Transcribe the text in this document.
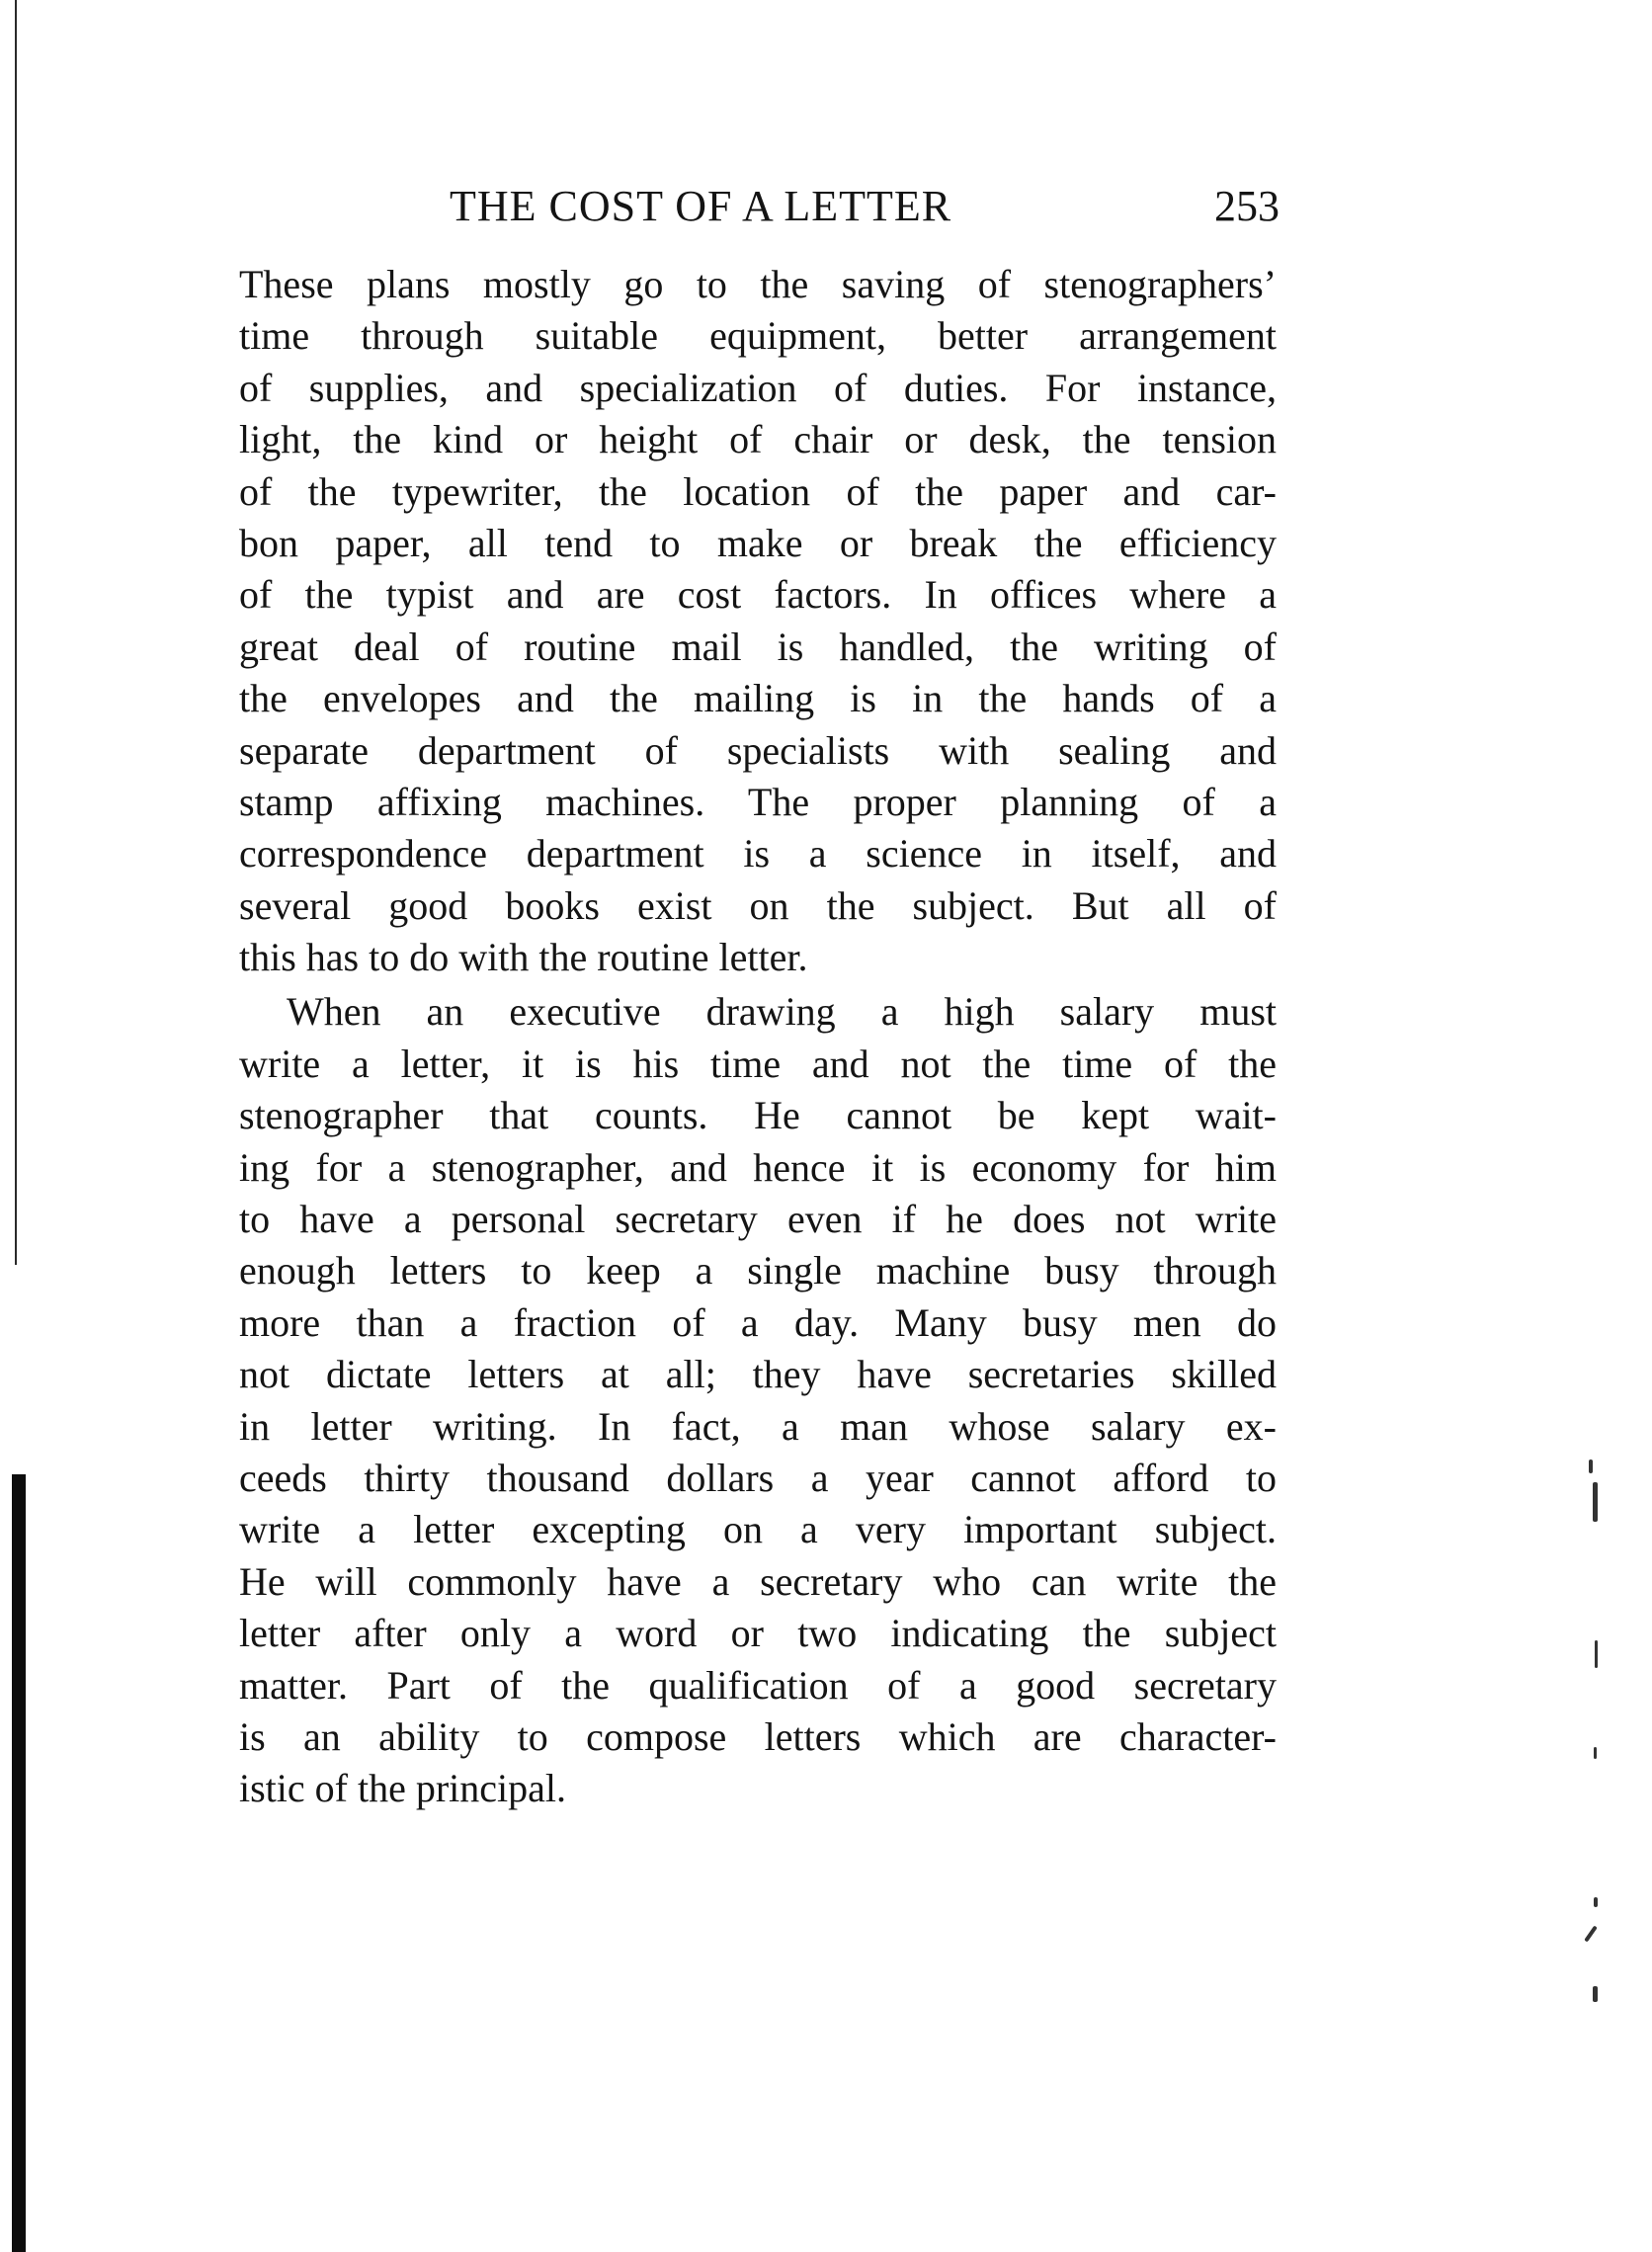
THE COST OF A LETTER	253
These plans mostly go to the saving of stenographers’
time through suitable equipment, better arrangement
of supplies, and specialization of duties. For instance,
light, the kind or height of chair or desk, the tension
of the typewriter, the location of the paper and car-
bon paper, all tend to make or break the efficiency
of the typist and are cost factors. In offices where a
great deal of routine mail is handled, the writing of
the envelopes and the mailing is in the hands of a
separate department of specialists with sealing and
stamp affixing machines. The proper planning of a
correspondence department is a science in itself, and
several good books exist on the subject. But all of
this has to do with the routine letter.
When an executive drawing a high salary must
write a letter, it is his time and not the time of the
stenographer that counts. He cannot be kept wait-
ing for a stenographer, and hence it is economy for him
to have a personal secretary even if he does not write
enough letters to keep a single machine busy through
more than a fraction of a day. Many busy men do
not dictate letters at all; they have secretaries skilled
in letter writing. In fact, a man whose salary ex-
ceeds thirty thousand dollars a year cannot afford to
write a letter excepting on a very important subject.
He will commonly have a secretary who can write the
letter after only a word or two indicating the subject
matter. Part of the qualification of a good secretary
is an ability to compose letters which are character-
istic of the principal.
